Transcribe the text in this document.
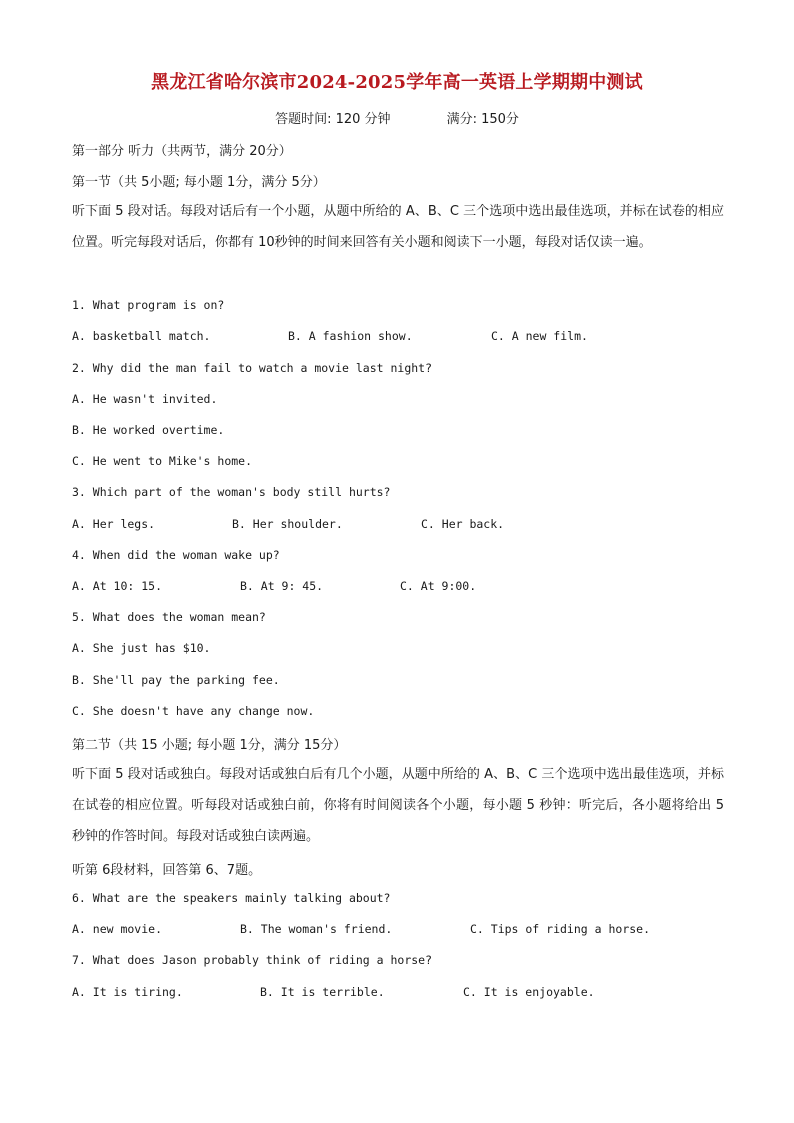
黑龙江省哈尔滨市2024-2025学年高一英语上学期期中测试
答题时间: 120 分钟	满分: 150分
第一部分 听力（共两节，满分 20分）
第一节（共 5小题; 每小题 1分，满分 5分）
听下面 5 段对话。每段对话后有一个小题，从题中所给的 A、B、C 三个选项中选出最佳选项，并标在试卷的相应位置。听完每段对话后，你都有 10秒钟的时间来回答有关小题和阅读下一小题，每段对话仅读一遍。
1. What program is on?
A. basketball match.	B. A fashion show.	C. A new film.
2. Why did the man fail to watch a movie last night?
A. He wasn't invited.
B. He worked overtime.
C. He went to Mike's home.
3. Which part of the woman's body still hurts?
A. Her legs.	B. Her shoulder.	C. Her back.
4. When did the woman wake up?
A. At 10: 15.	B. At 9: 45.	C. At 9:00.
5. What does the woman mean?
A. She just has $10.
B. She'll pay the parking fee.
C. She doesn't have any change now.
第二节（共 15 小题; 每小题 1分，满分 15分）
听下面 5 段对话或独白。每段对话或独白后有几个小题，从题中所给的 A、B、C 三个选项中选出最佳选项，并标在试卷的相应位置。听每段对话或独白前，你将有时间阅读各个小题，每小题 5 秒钟：听完后，各小题将给出 5秒钟的作答时间。每段对话或独白读两遍。
听第 6段材料，回答第 6、7题。
6. What are the speakers mainly talking about?
A. new movie.	B. The woman's friend.	C. Tips of riding a horse.
7. What does Jason probably think of riding a horse?
A. It is tiring.	B. It is terrible.	C. It is enjoyable.
